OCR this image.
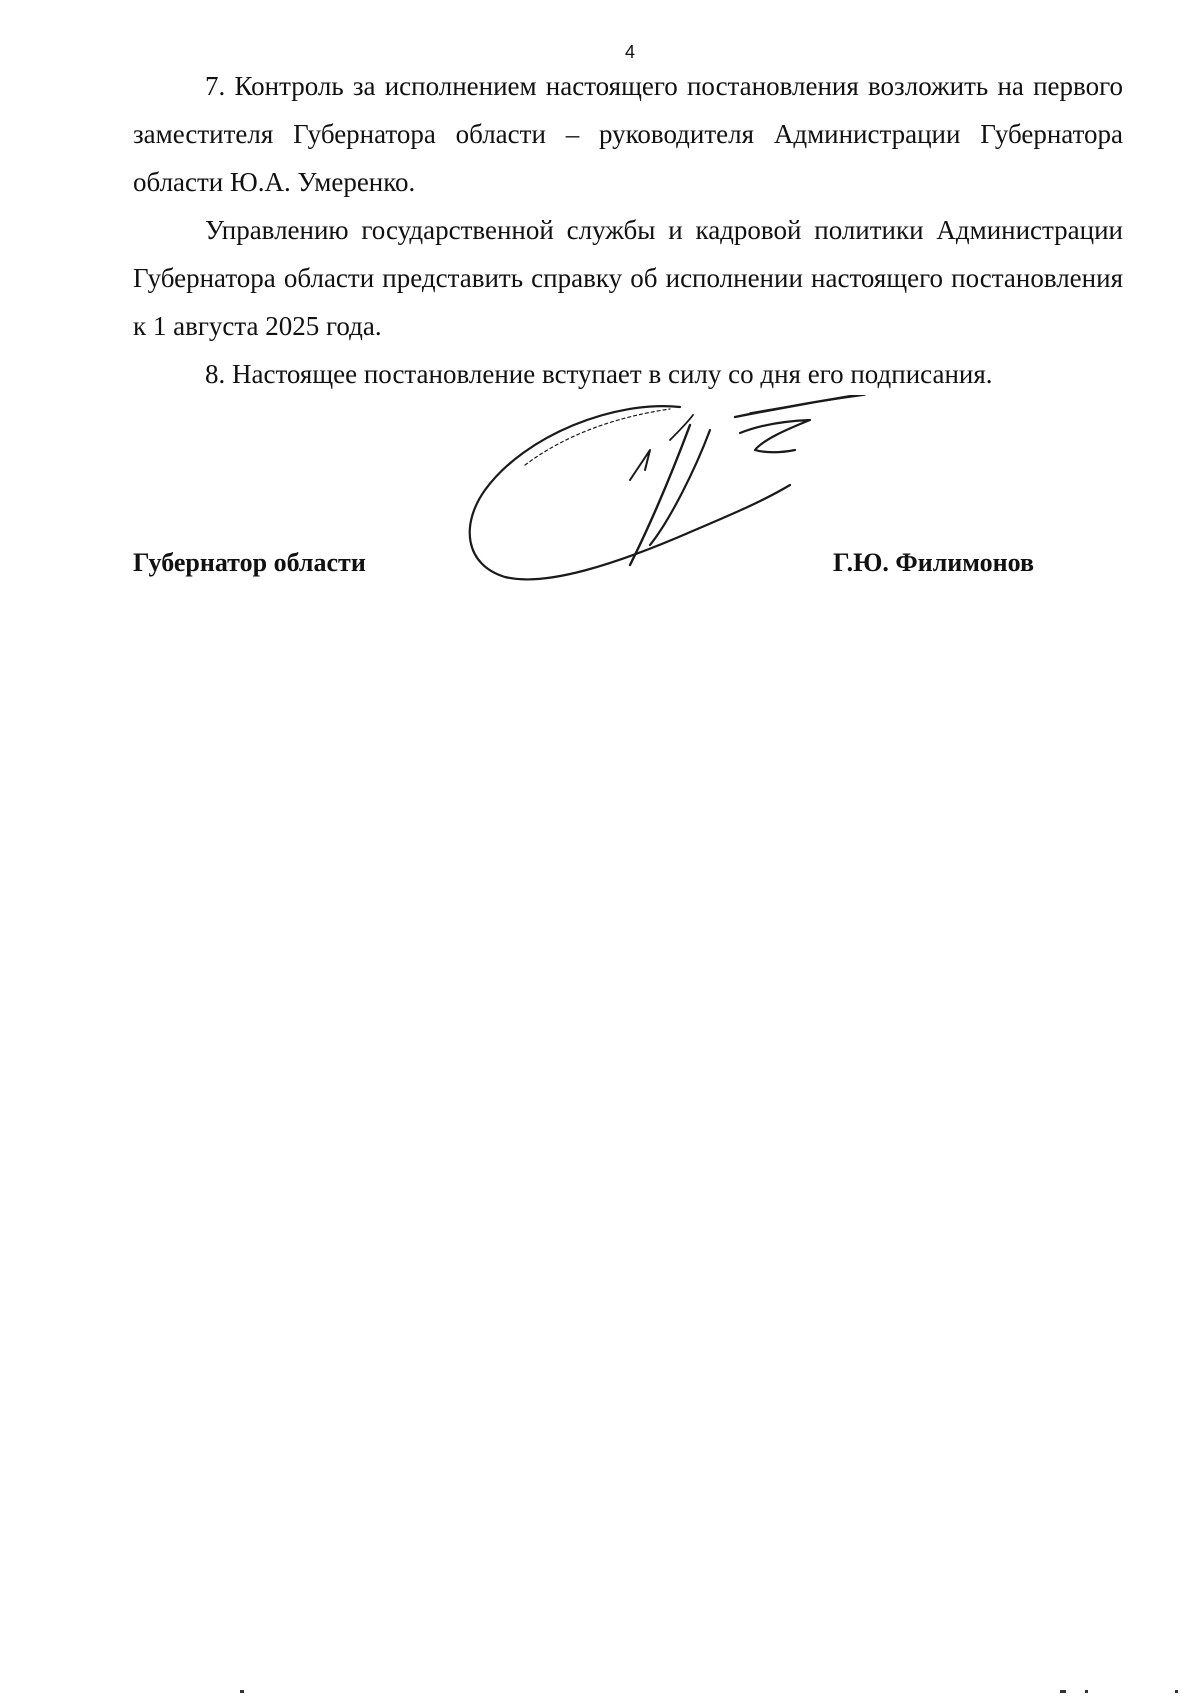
4

7. Контроль за исполнением настоящего постановления возложить на первого заместителя Губернатора области – руководителя Администрации Губернатора области Ю.А. Умеренко.

Управлению государственной службы и кадровой политики Администрации Губернатора области представить справку об исполнении настоящего постановления к 1 августа 2025 года.

8. Настоящее постановление вступает в силу со дня его подписания.

Губернатор области	Г.Ю. Филимонов
